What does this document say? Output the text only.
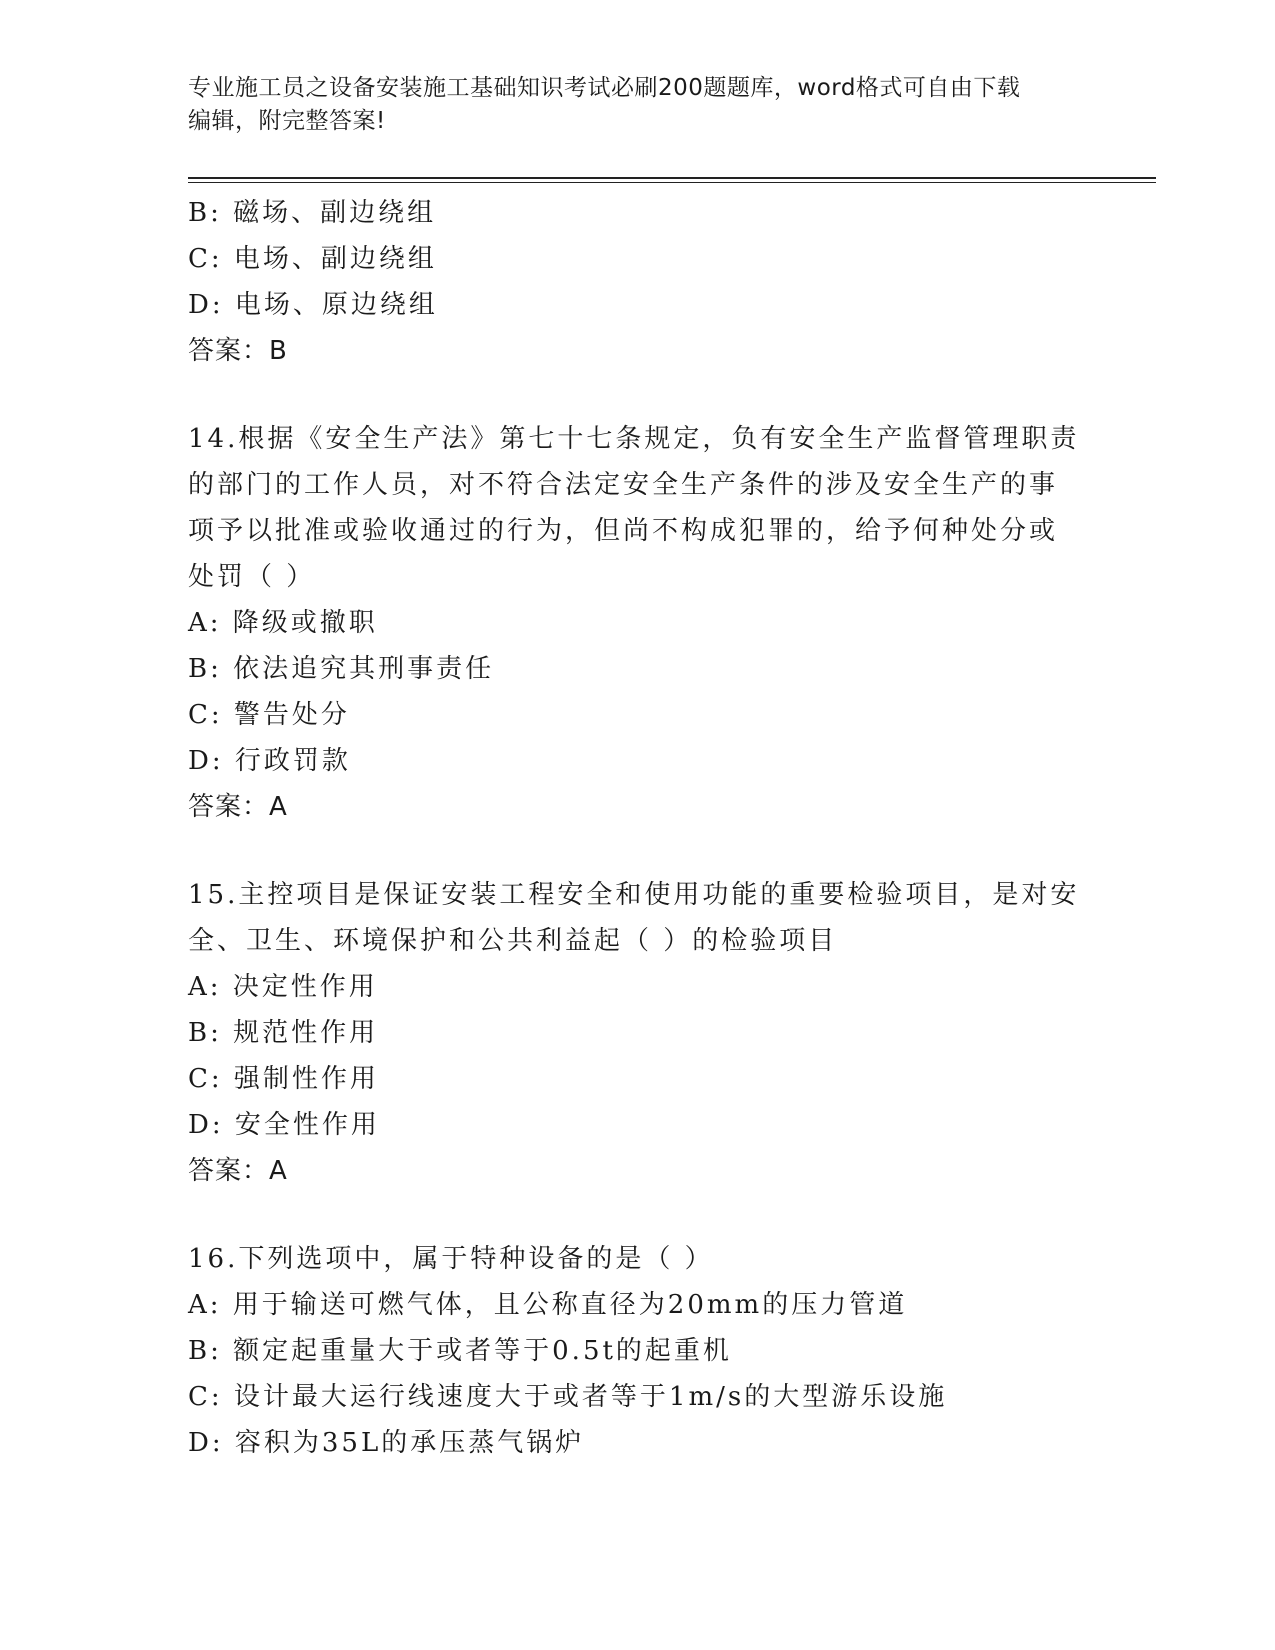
专业施工员之设备安装施工基础知识考试必刷200题题库，word格式可自由下载
编辑，附完整答案!
B: 磁场、副边绕组
C: 电场、副边绕组
D: 电场、原边绕组
答案：B
14.根据《安全生产法》第七十七条规定，负有安全生产监督管理职责
的部门的工作人员，对不符合法定安全生产条件的涉及安全生产的事
项予以批准或验收通过的行为，但尚不构成犯罪的，给予何种处分或
处罚（ ）
A: 降级或撤职
B: 依法追究其刑事责任
C: 警告处分
D: 行政罚款
答案：A
15.主控项目是保证安装工程安全和使用功能的重要检验项目，是对安
全、卫生、环境保护和公共利益起（ ）的检验项目
A: 决定性作用
B: 规范性作用
C: 强制性作用
D: 安全性作用
答案：A
16.下列选项中，属于特种设备的是（ ）
A: 用于输送可燃气体，且公称直径为20mm的压力管道
B: 额定起重量大于或者等于0.5t的起重机
C: 设计最大运行线速度大于或者等于1m/s的大型游乐设施
D: 容积为35L的承压蒸气锅炉
